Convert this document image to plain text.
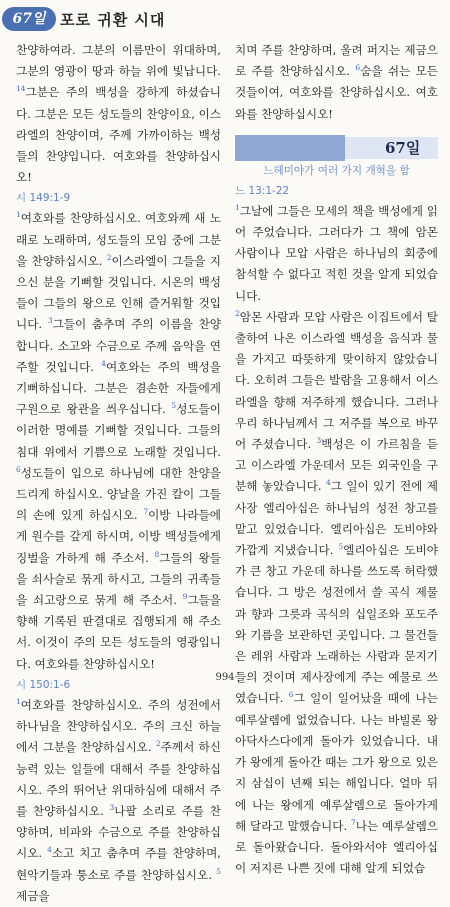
67일 포로 귀환 시대

찬양하여라. 그분의 이름만이 위대하며, 그분의 영광이 땅과 하늘 위에 빛납니다. $^{14}$그분은 주의 백성을 강하게 하셨습니다. 그분은 모든 성도들의 찬양이요, 이스라엘의 찬양이며, 주께 가까이하는 백성들의 찬양입니다. 여호와를 찬양하십시오!

시 149:1-9

$^1$여호와를 찬양하십시오. 여호와께 새 노래로 노래하며, 성도들의 모임 중에 그분을 찬양하십시오. $^2$이스라엘이 그들을 지으신 분을 기뻐할 것입니다. 시온의 백성들이 그들의 왕으로 인해 즐거워할 것입니다. $^3$그들이 춤추며 주의 이름을 찬양합니다. 소고와 수금으로 주께 음악을 연주할 것입니다. $^4$여호와는 주의 백성을 기뻐하십니다. 그분은 겸손한 자들에게 구원으로 왕관을 씌우십니다. $^5$성도들이 이러한 명예를 기뻐할 것입니다. 그들의 침대 위에서 기쁨으로 노래할 것입니다. $^6$성도들이 입으로 하나님에 대한 찬양을 드리게 하십시오. 양날을 가진 칼이 그들의 손에 있게 하십시오. $^7$이방 나라들에게 원수를 갚게 하시며, 이방 백성들에게 징벌을 가하게 해 주소서. $^8$그들의 왕들을 쇠사슬로 묶게 하시고, 그들의 귀족들을 쇠고랑으로 묶게 해 주소서. $^9$그들을 향해 기록된 판결대로 집행되게 해 주소서. 이것이 주의 모든 성도들의 영광입니다. 여호와를 찬양하십시오!

시 150:1-6

$^1$여호와를 찬양하십시오. 주의 성전에서 하나님을 찬양하십시오. 주의 크신 하늘에서 그분을 찬양하십시오. $^2$주께서 하신 능력 있는 일들에 대해서 주를 찬양하십시오. 주의 뛰어난 위대하심에 대해서 주를 찬양하십시오. $^3$나팔 소리로 주를 찬양하며, 비파와 수금으로 주를 찬양하십시오. $^4$소고 치고 춤추며 주를 찬양하며, 현악기들과 퉁소로 주를 찬양하십시오. $^5$제금을

치며 주를 찬양하며, 울려 퍼지는 제금으로 주를 찬양하십시오. $^6$숨을 쉬는 모든 것들이여, 여호와를 찬양하십시오. 여호와를 찬양하십시오!

67일

느헤미야가 여러 가지 개혁을 함

느 13:1-22

$^1$그날에 그들은 모세의 책을 백성에게 읽어 주었습니다. 그러다가 그 책에 암몬 사람이나 모압 사람은 하나님의 회중에 참석할 수 없다고 적힌 것을 알게 되었습니다.

$^2$암몬 사람과 모압 사람은 이집트에서 탈출하여 나온 이스라엘 백성을 음식과 물을 가지고 따뜻하게 맞이하지 않았습니다. 오히려 그들은 발람을 고용해서 이스라엘을 향해 저주하게 했습니다. 그러나 우리 하나님께서 그 저주를 복으로 바꾸어 주셨습니다. $^3$백성은 이 가르침을 듣고 이스라엘 가운데서 모든 외국인을 구분해 놓았습니다. $^4$그 일이 있기 전에 제사장 엘리아십은 하나님의 성전 창고를 맡고 있었습니다. 엘리아십은 도비야와 가깝게 지냈습니다. $^5$엘리아십은 도비야가 큰 창고 가운데 하나를 쓰도록 허락했습니다. 그 방은 성전에서 쓸 곡식 제물과 향과 그릇과 곡식의 십일조와 포도주와 기름을 보관하던 곳입니다. 그 물건들은 레위 사람과 노래하는 사람과 문지기들의 것이며 제사장에게 주는 예물로 쓰였습니다. $^6$그 일이 일어났을 때에 나는 예루살렘에 없었습니다. 나는 바빌론 왕 아닥사스다에게 돌아가 있었습니다. 내가 왕에게 돌아간 때는 그가 왕으로 있은 지 삼십이 년째 되는 해입니다. 얼마 뒤에 나는 왕에게 예루살렘으로 돌아가게 해 달라고 말했습니다. $^7$나는 예루살렘으로 돌아왔습니다. 돌아와서야 엘리아십이 저지른 나쁜 짓에 대해 알게 되었습

994
